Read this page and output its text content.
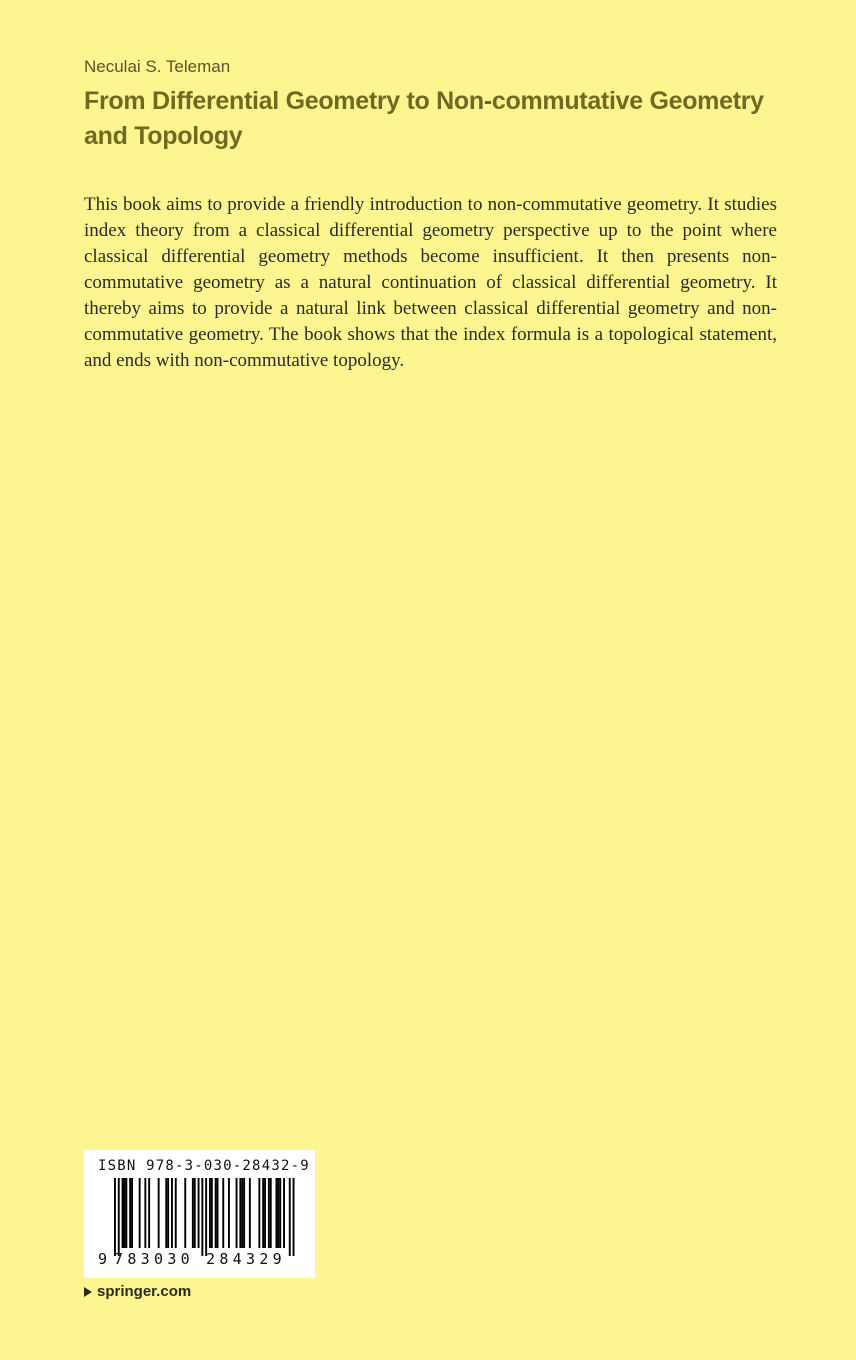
Neculai S. Teleman
From Differential Geometry to Non-commutative Geometry and Topology
This book aims to provide a friendly introduction to non-commutative geometry. It studies index theory from a classical differential geometry perspective up to the point where classical differential geometry methods become insufficient. It then presents non-commutative geometry as a natural continuation of classical differential geometry. It thereby aims to provide a natural link between classical differential geometry and non-commutative geometry. The book shows that the index formula is a topological statement, and ends with non-commutative topology.
ISBN 978-3-030-28432-9
9 783030 284329
springer.com
